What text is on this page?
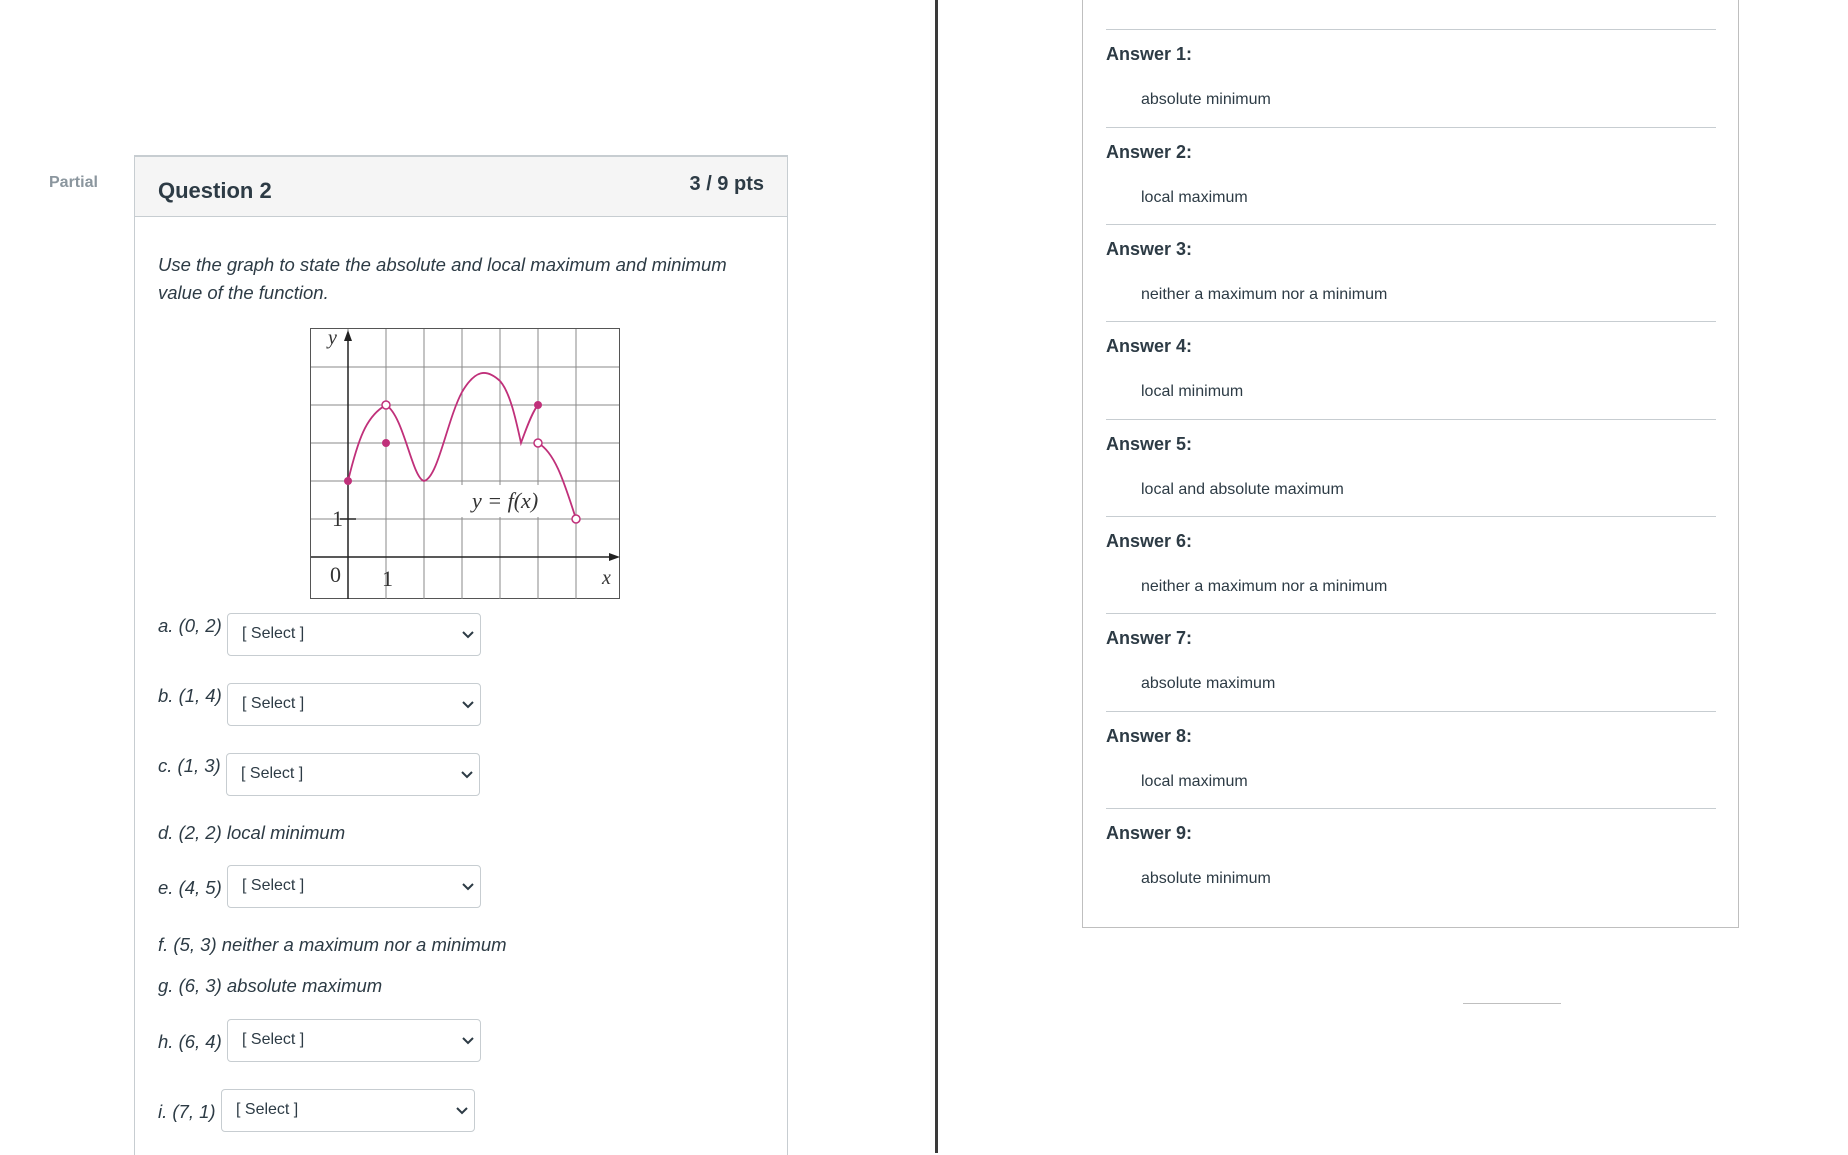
Partial	Question 2	3 / 9 pts
Use the graph to state the absolute and local maximum and minimum value of the function.
y
x
0 1
1
y = f(x)
a. (0, 2) [ Select ]
b. (1, 4) [ Select ]
c. (1, 3) [ Select ]
d. (2, 2) local minimum
e. (4, 5) [ Select ]
f. (5, 3) neither a maximum nor a minimum
g. (6, 3) absolute maximum
h. (6, 4) [ Select ]
i. (7, 1) [ Select ]
Answer 1:
absolute minimum
Answer 2:
local maximum
Answer 3:
neither a maximum nor a minimum
Answer 4:
local minimum
Answer 5:
local and absolute maximum
Answer 6:
neither a maximum nor a minimum
Answer 7:
absolute maximum
Answer 8:
local maximum
Answer 9:
absolute minimum
